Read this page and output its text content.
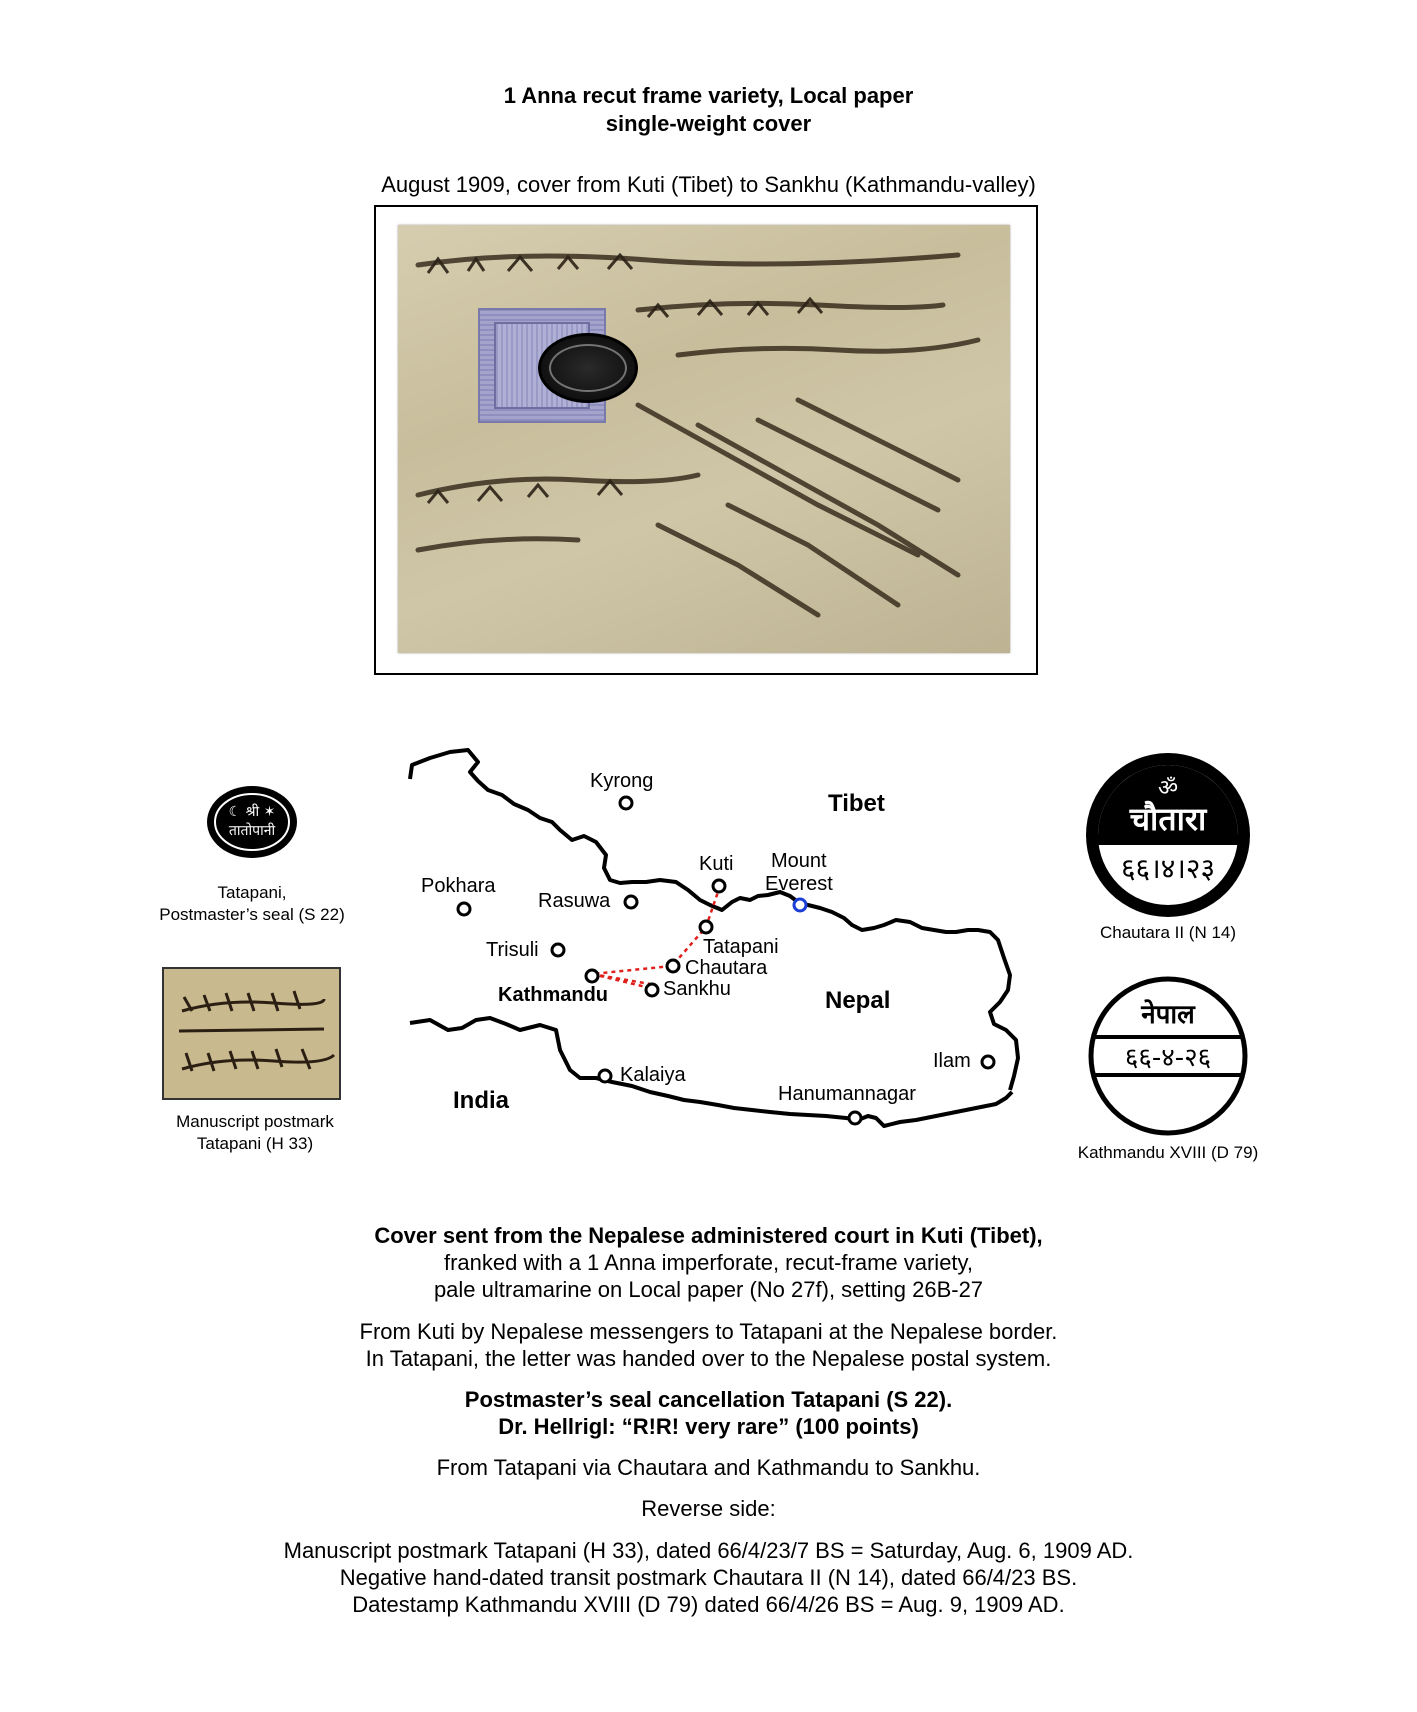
1 Anna recut frame variety, Local paper
single-weight cover
August 1909, cover from Kuti (Tibet) to Sankhu (Kathmandu-valley)
☾ श्री ✶
तातोपानी
Tatapani,
Postmaster’s seal (S 22)
Manuscript postmark
Tatapani (H 33)
Kyrong
Tibet
Kuti Mount
Everest
Pokhara
Rasuwa
Trisuli	Tatapani
Chautara
Kathmandu	Sankhu	Nepal
Ilam
Kalaiya
India	Hanumannagar
ॐ
चौतारा
६६।४।२३
Chautara II (N 14)
नेपाल
६६-४-२६
Kathmandu XVIII (D 79)
Cover sent from the Nepalese administered court in Kuti (Tibet),
franked with a 1 Anna imperforate, recut-frame variety,
pale ultramarine on Local paper (No 27f), setting 26B-27
From Kuti by Nepalese messengers to Tatapani at the Nepalese border.
In Tatapani, the letter was handed over to the Nepalese postal system.
Postmaster’s seal cancellation Tatapani (S 22).
Dr. Hellrigl: “R!R! very rare” (100 points)
From Tatapani via Chautara and Kathmandu to Sankhu.
Reverse side:
Manuscript postmark Tatapani (H 33), dated 66/4/23/7 BS = Saturday, Aug. 6, 1909 AD.
Negative hand-dated transit postmark Chautara II (N 14), dated 66/4/23 BS.
Datestamp Kathmandu XVIII (D 79) dated 66/4/26 BS = Aug. 9, 1909 AD.
